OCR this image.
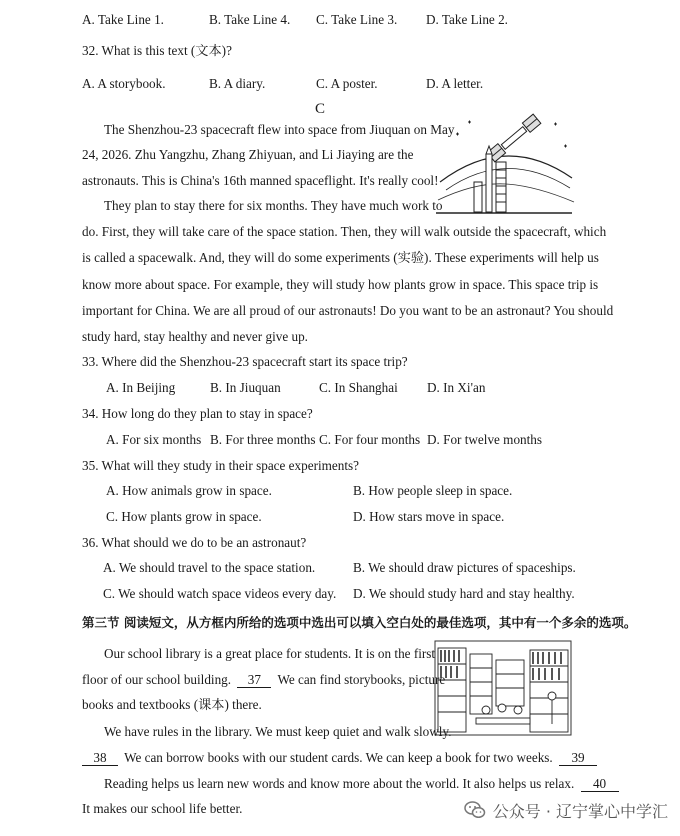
A. Take Line 1.	B. Take Line 4. C. Take Line 3. D. Take Line 2.
32. What is this text (文本)?
A. A storybook.	B. A diary.	C. A poster.	D. A letter.
C
The Shenzhou-23 spacecraft flew into space from Jiuquan on May
24, 2026. Zhu Yangzhu, Zhang Zhiyuan, and Li Jiaying are the
astronauts. This is China's 16th manned spaceflight. It's really cool!
They plan to stay there for six months. They have much work to
do. First, they will take care of the space station. Then, they will walk outside the spacecraft, which
is called a spacewalk. And, they will do some experiments (实验). These experiments will help us
know more about space. For example, they will study how plants grow in space. This space trip is
important for China. We are all proud of our astronauts! Do you want to be an astronaut? You should
study hard, stay healthy and never give up.
33. Where did the Shenzhou-23 spacecraft start its space trip?
A. In Beijing	B. In Jiuquan	C. In Shanghai D. In Xi'an
34. How long do they plan to stay in space?
A. For six months B. For three months C. For four months D. For twelve months
35. What will they study in their space experiments?
A. How animals grow in space.	B. How people sleep in space.
C. How plants grow in space.	D. How stars move in space.
36. What should we do to be an astronaut?
A. We should travel to the space station.	B. We should draw pictures of spaceships.
C. We should watch space videos every day. D. We should study hard and stay healthy.
第三节 阅读短文，从方框内所给的选项中选出可以填入空白处的最佳选项，其中有一个多余的选项。
Our school library is a great place for students. It is on the first
floor of our school building. 37 We can find storybooks, picture
books and textbooks (课本) there.
We have rules in the library. We must keep quiet and walk slowly.
38 We can borrow books with our student cards. We can keep a book for two weeks. 39
Reading helps us learn new words and know more about the world. It also helps us relax. 40
It makes our school life better.	公众号 · 辽宁掌心中学汇
